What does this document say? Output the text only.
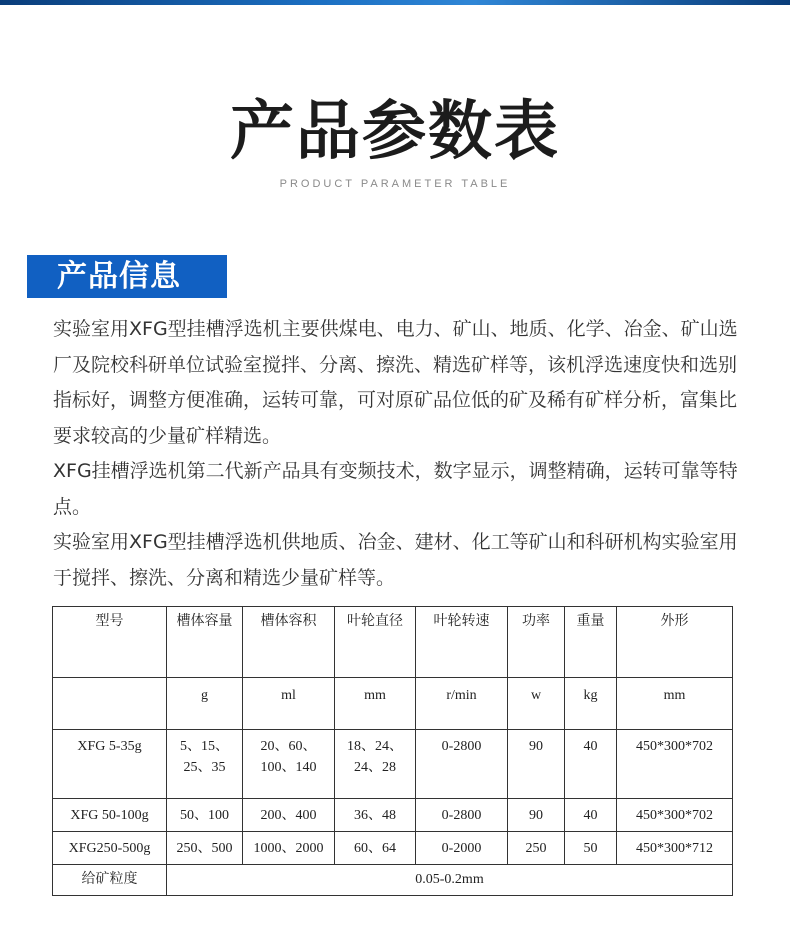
产品参数表
PRODUCT PARAMETER TABLE
产品信息

实验室用XFG型挂槽浮选机主要供煤电、电力、矿山、地质、化学、冶金、矿山选厂及院校科研单位试验室搅拌、分离、擦洗、精选矿样等，该机浮选速度快和选别指标好，调整方便准确，运转可靠，可对原矿品位低的矿及稀有矿样分析，富集比要求较高的少量矿样精选。

XFG挂槽浮选机第二代新产品具有变频技术，数字显示，调整精确，运转可靠等特点。

实验室用XFG型挂槽浮选机供地质、冶金、建材、化工等矿山和科研机构实验室用于搅拌、擦洗、分离和精选少量矿样等。

型号	槽体容量	槽体容积	叶轮直径	叶轮转速	功率	重量	外形
	g	ml	mm	r/min	w	kg	mm
XFG 5-35g	5、15、25、35	20、60、100、140	18、24、24、28	0-2800	90	40	450*300*702
XFG 50-100g	50、100	200、400	36、48	0-2800	90	40	450*300*702
XFG250-500g	250、500	1000、2000	60、64	0-2000	250	50	450*300*712
给矿粒度	0.05-0.2mm						
